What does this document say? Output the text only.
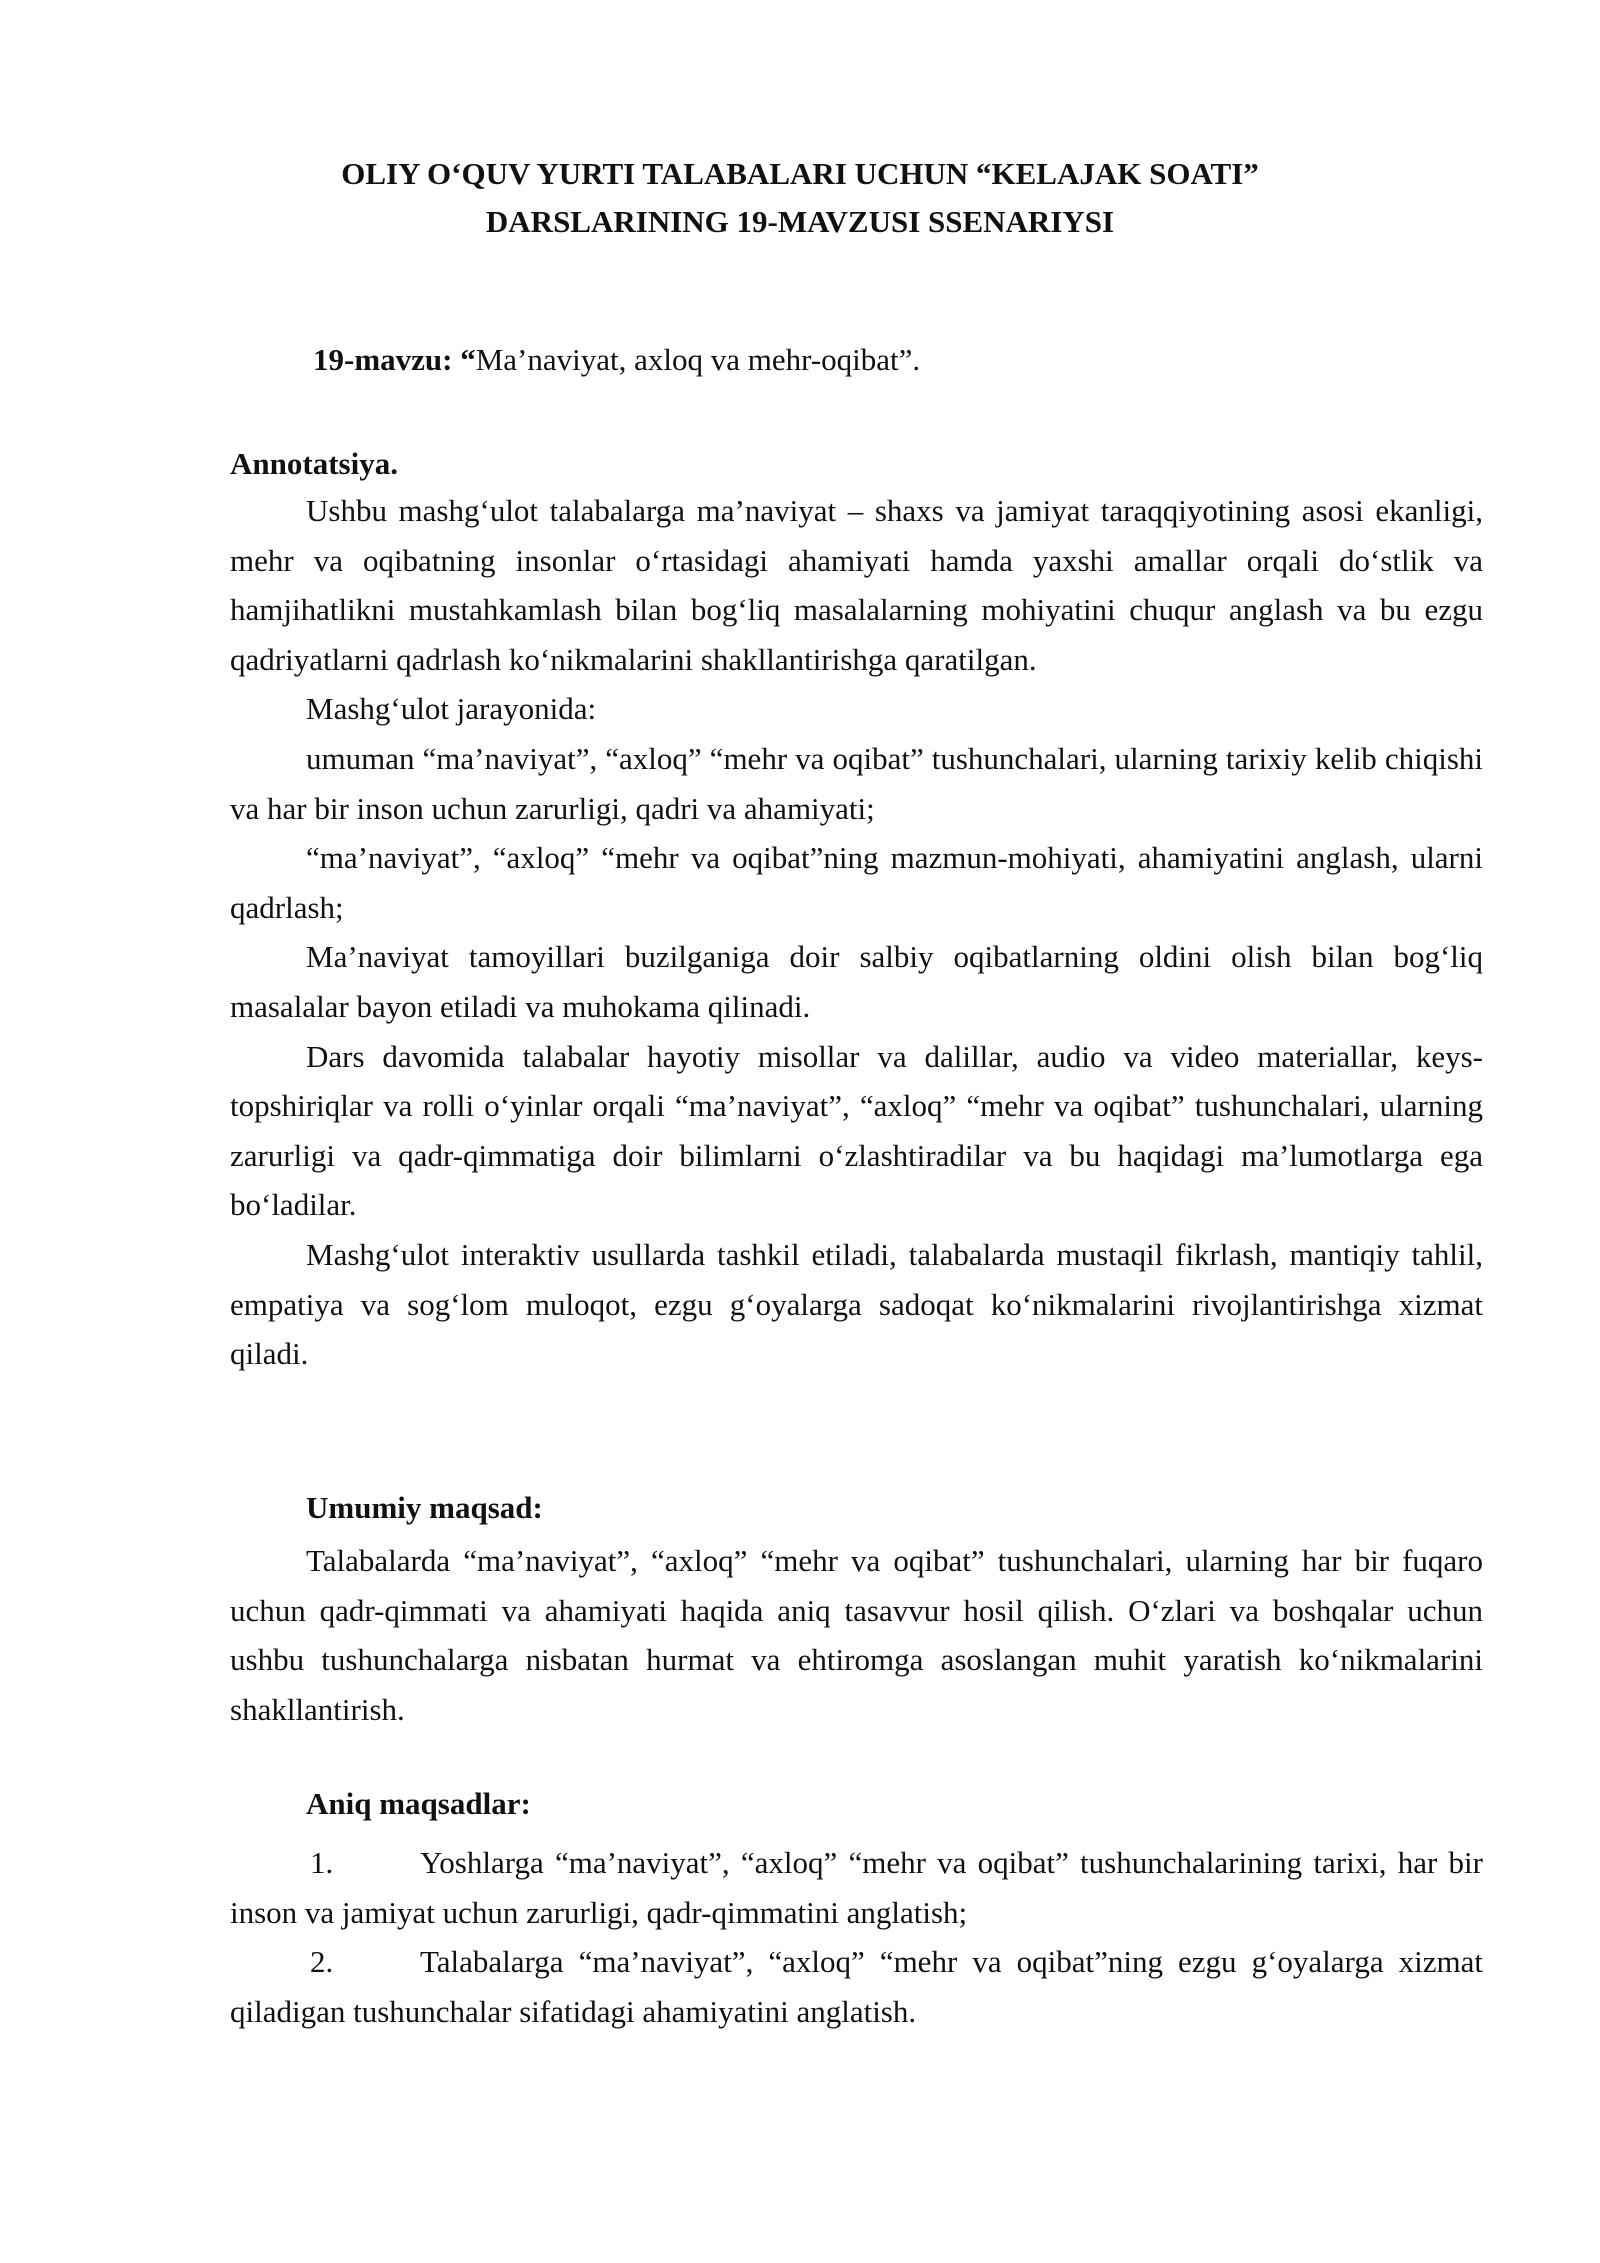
OLIY O‘QUV YURTI TALABALARI UCHUN “KELAJAK SOATI”
DARSLARINING 19-MAVZUSI SSENARIYSI
19-mavzu: “Ma’naviyat, axloq va mehr-oqibat”.
Annotatsiya.

Ushbu mashg‘ulot talabalarga ma’naviyat – shaxs va jamiyat taraqqiyotining asosi ekanligi, mehr va oqibatning insonlar o‘rtasidagi ahamiyati hamda yaxshi amallar orqali do‘stlik va hamjihatlikni mustahkamlash bilan bog‘liq masalalarning mohiyatini chuqur anglash va bu ezgu qadriyatlarni qadrlash ko‘nikmalarini shakllantirishga qaratilgan.

Mashg‘ulot jarayonida:

umuman “ma’naviyat”, “axloq” “mehr va oqibat” tushunchalari, ularning tarixiy kelib chiqishi va har bir inson uchun zarurligi, qadri va ahamiyati;

“ma’naviyat”, “axloq” “mehr va oqibat”ning mazmun-mohiyati, ahamiyatini anglash, ularni qadrlash;

Ma’naviyat tamoyillari buzilganiga doir salbiy oqibatlarning oldini olish bilan bog‘liq masalalar bayon etiladi va muhokama qilinadi.

Dars davomida talabalar hayotiy misollar va dalillar, audio va video materiallar, keys-topshiriqlar va rolli o‘yinlar orqali “ma’naviyat”, “axloq” “mehr va oqibat” tushunchalari, ularning zarurligi va qadr-qimmatiga doir bilimlarni o‘zlashtiradilar va bu haqidagi ma’lumotlarga ega bo‘ladilar.

Mashg‘ulot interaktiv usullarda tashkil etiladi, talabalarda mustaqil fikrlash, mantiqiy tahlil, empatiya va sog‘lom muloqot, ezgu g‘oyalarga sadoqat ko‘nikmalarini rivojlantirishga xizmat qiladi.

Umumiy maqsad:

Talabalarda “ma’naviyat”, “axloq” “mehr va oqibat” tushunchalari, ularning har bir fuqaro uchun qadr-qimmati va ahamiyati haqida aniq tasavvur hosil qilish. O‘zlari va boshqalar uchun ushbu tushunchalarga nisbatan hurmat va ehtiromga asoslangan muhit yaratish ko‘nikmalarini shakllantirish.

Aniq maqsadlar:

1.	Yoshlarga “ma’naviyat”, “axloq” “mehr va oqibat” tushunchalarining tarixi, har bir inson va jamiyat uchun zarurligi, qadr-qimmatini anglatish;

2.	Talabalarga “ma’naviyat”, “axloq” “mehr va oqibat”ning ezgu g‘oyalarga xizmat qiladigan tushunchalar sifatidagi ahamiyatini anglatish.
